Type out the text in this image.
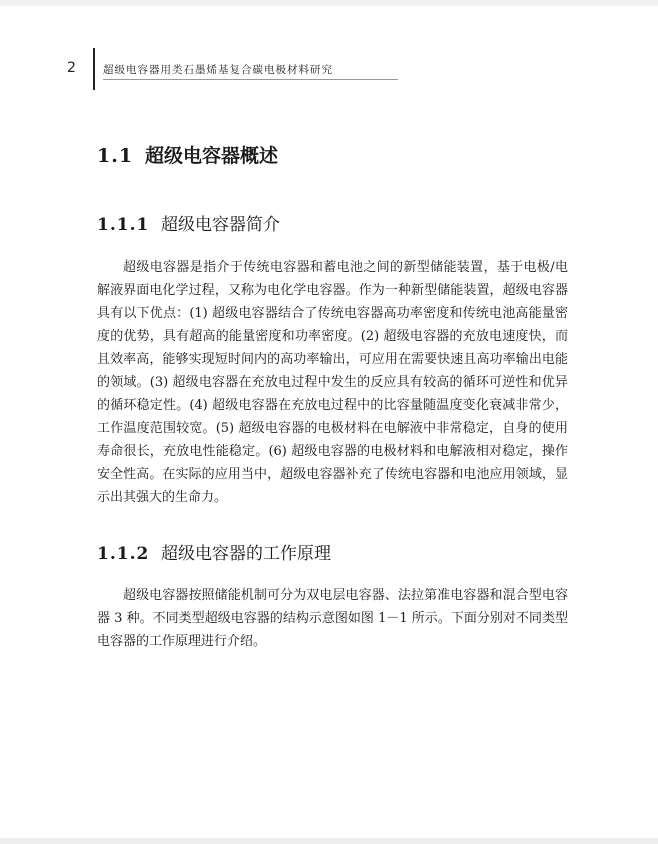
2	超级电容器用类石墨烯基复合碳电极材料研究
1.1 超级电容器概述
1.1.1 超级电容器简介

超级电容器是指介于传统电容器和蓄电池之间的新型储能装置，基于电极/电解液界面电化学过程，又称为电化学电容器。作为一种新型储能装置，超级电容器具有以下优点：(1) 超级电容器结合了传统电容器高功率密度和传统电池高能量密度的优势，具有超高的能量密度和功率密度。(2) 超级电容器的充放电速度快，而且效率高，能够实现短时间内的高功率输出，可应用在需要快速且高功率输出电能的领域。(3) 超级电容器在充放电过程中发生的反应具有较高的循环可逆性和优异的循环稳定性。(4) 超级电容器在充放电过程中的比容量随温度变化衰减非常少，工作温度范围较宽。(5) 超级电容器的电极材料在电解液中非常稳定，自身的使用寿命很长，充放电性能稳定。(6) 超级电容器的电极材料和电解液相对稳定，操作安全性高。在实际的应用当中，超级电容器补充了传统电容器和电池应用领域，显示出其强大的生命力。

1.1.2 超级电容器的工作原理

超级电容器按照储能机制可分为双电层电容器、法拉第准电容器和混合型电容器 3 种。不同类型超级电容器的结构示意图如图 1－1 所示。下面分别对不同类型电容器的工作原理进行介绍。
